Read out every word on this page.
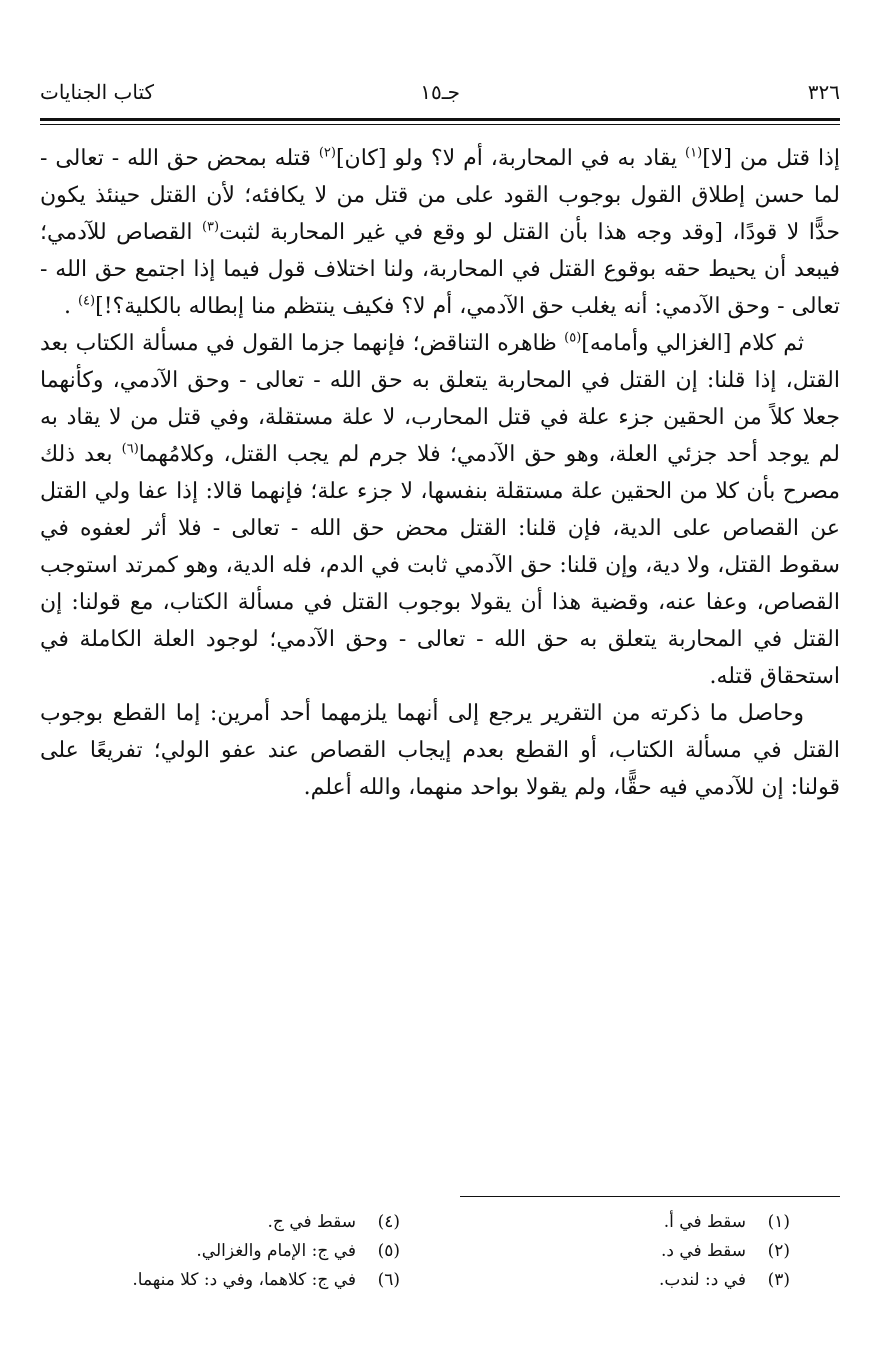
٣٢٦
جـ١٥
كتاب الجنايات

إذا قتل من [لا]$^{(١)}$ يقاد به في المحاربة، أم لا؟ ولو [كان]$^{(٢)}$ قتله بمحض حق الله - تعالى - لما حسن إطلاق القول بوجوب القود على من قتل من لا يكافئه؛ لأن القتل حينئذ يكون حدًّا لا قودًا، [وقد وجه هذا بأن القتل لو وقع في غير المحاربة لثبت$^{(٣)}$ القصاص للآدمي؛ فيبعد أن يحيط حقه بوقوع القتل في المحاربة، ولنا اختلاف قول فيما إذا اجتمع حق الله - تعالى - وحق الآدمي: أنه يغلب حق الآدمي، أم لا؟ فكيف ينتظم منا إبطاله بالكلية؟!]$^{(٤)}$ .

ثم كلام [الغزالي وأمامه]$^{(٥)}$ ظاهره التناقض؛ فإنهما جزما القول في مسألة الكتاب بعد القتل، إذا قلنا: إن القتل في المحاربة يتعلق به حق الله - تعالى - وحق الآدمي، وكأنهما جعلا كلاً من الحقين جزء علة في قتل المحارب، لا علة مستقلة، وفي قتل من لا يقاد به لم يوجد أحد جزئي العلة، وهو حق الآدمي؛ فلا جرم لم يجب القتل، وكلامُهما$^{(٦)}$ بعد ذلك مصرح بأن كلا من الحقين علة مستقلة بنفسها، لا جزء علة؛ فإنهما قالا: إذا عفا ولي القتل عن القصاص على الدية، فإن قلنا: القتل محض حق الله - تعالى - فلا أثر لعفوه في سقوط القتل، ولا دية، وإن قلنا: حق الآدمي ثابت في الدم، فله الدية، وهو كمرتد استوجب القصاص، وعفا عنه، وقضية هذا أن يقولا بوجوب القتل في مسألة الكتاب، مع قولنا: إن القتل في المحاربة يتعلق به حق الله - تعالى - وحق الآدمي؛ لوجود العلة الكاملة في استحقاق قتله.

وحاصل ما ذكرته من التقرير يرجع إلى أنهما يلزمهما أحد أمرين: إما القطع بوجوب القتل في مسألة الكتاب، أو القطع بعدم إيجاب القصاص عند عفو الولي؛ تفريعًا على قولنا: إن للآدمي فيه حقًّا، ولم يقولا بواحد منهما، والله أعلم.

(١)سقط في أ.
(٢)سقط في د.
(٣)في د: لندب.
(٤)سقط في ج.
(٥)في ج: الإمام والغزالي.
(٦)في ج: كلاهما، وفي د: كلا منهما.
